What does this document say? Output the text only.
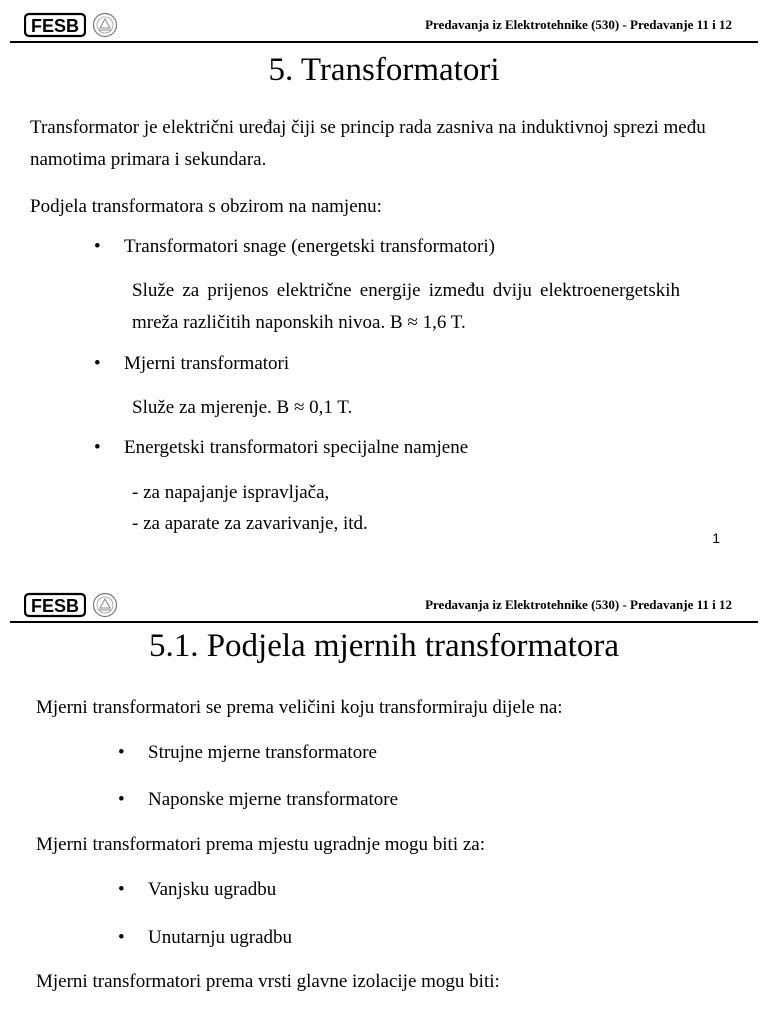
FESB	Predavanja iz Elektrotehnike (530) - Predavanje 11 i 12
5. Transformatori
Transformator je električni uređaj čiji se princip rada zasniva na induktivnoj sprezi među namotima primara i sekundara.
Podjela transformatora s obzirom na namjenu:
• Transformatori snage (energetski transformatori)
Služe za prijenos električne energije između dviju elektroenergetskih mreža različitih naponskih nivoa. B ≈ 1,6 T.
• Mjerni transformatori
Služe za mjerenje. B ≈ 0,1 T.
• Energetski transformatori specijalne namjene
- za napajanje ispravljača,
- za aparate za zavarivanje, itd.
1
FESB	Predavanja iz Elektrotehnike (530) - Predavanje 11 i 12
5.1. Podjela mjernih transformatora
Mjerni transformatori se prema veličini koju transformiraju dijele na:
• Strujne mjerne transformatore
• Naponske mjerne transformatore
Mjerni transformatori prema mjestu ugradnje mogu biti za:
• Vanjsku ugradbu
• Unutarnju ugradbu
Mjerni transformatori prema vrsti glavne izolacije mogu biti:
